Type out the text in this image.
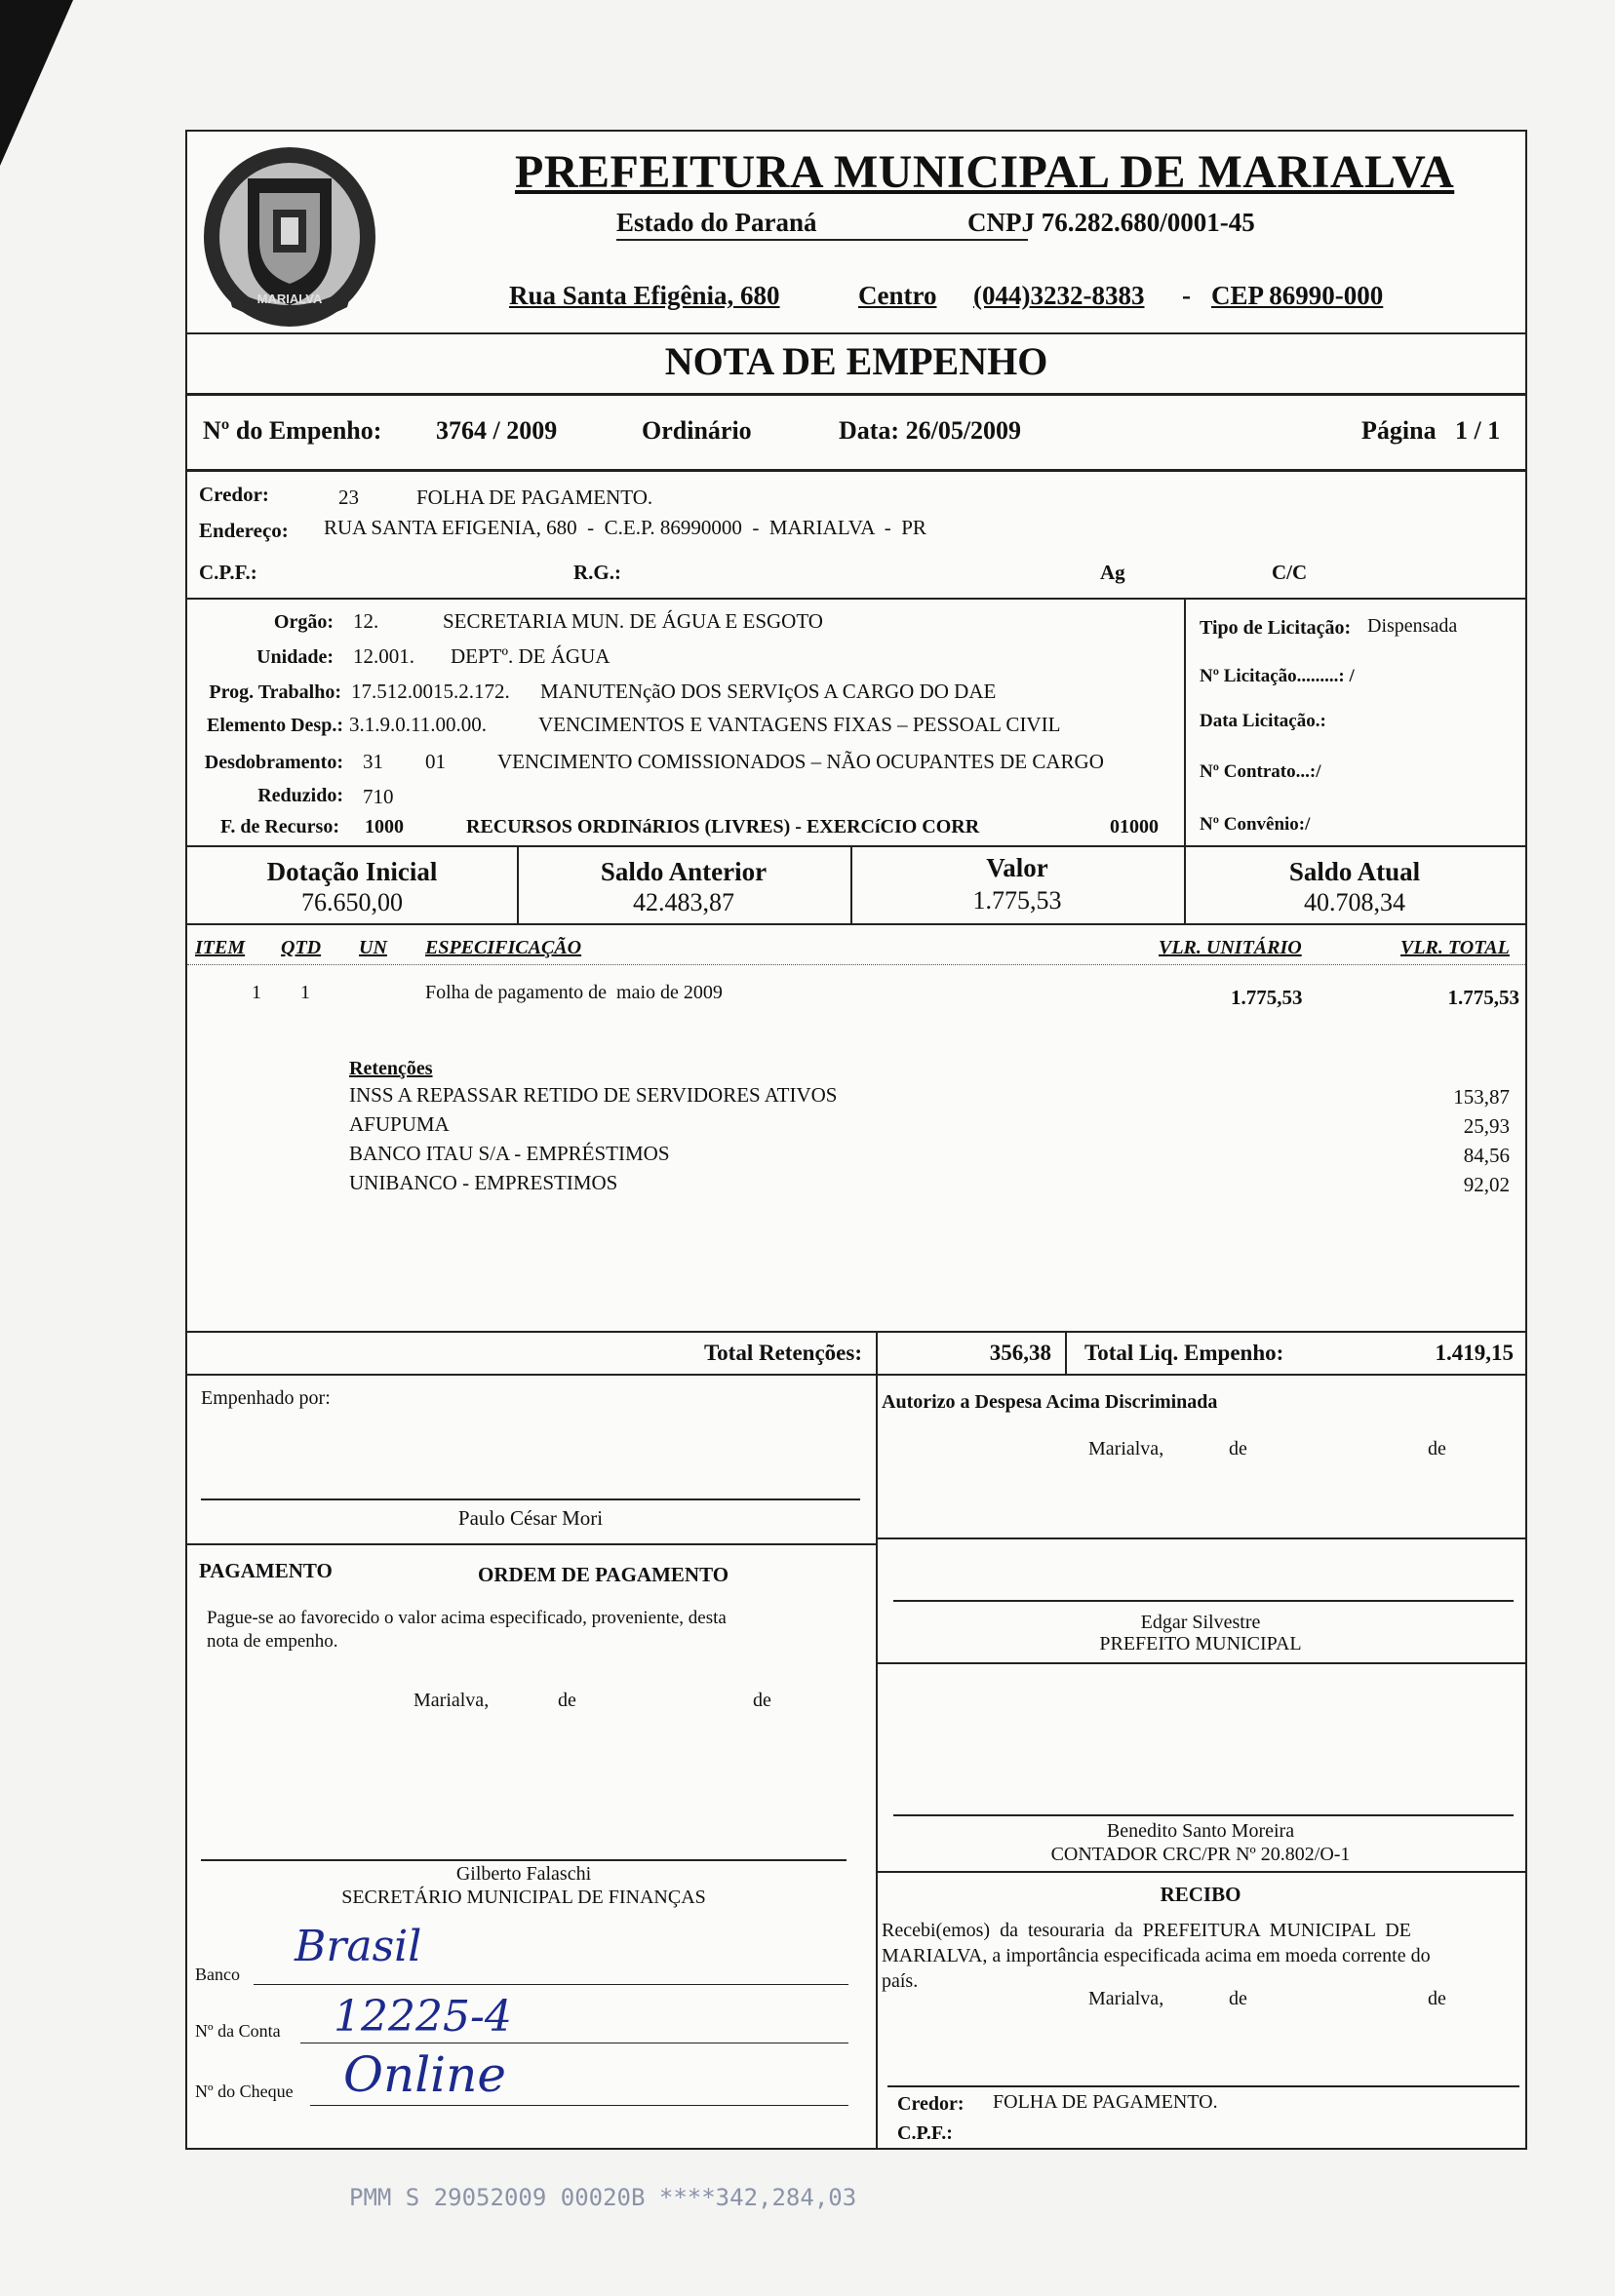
MARIALVA
PREFEITURA MUNICIPAL DE MARIALVA
Estado do Paraná	CNPJ 76.282.680/0001-45
Rua Santa Efigênia, 680	Centro (044)3232-8383 - CEP 86990-000
NOTA DE EMPENHO
Nº do Empenho: 3764 / 2009	Ordinário	Data: 26/05/2009	Página 1 / 1
Credor:	23	FOLHA DE PAGAMENTO.
Endereço: RUA SANTA EFIGENIA, 680  -  C.E.P. 86990000  -  MARIALVA  -  PR
C.P.F.:	R.G.:	Ag	C/C
Orgão: 12.	SECRETARIA MUN. DE ÁGUA E ESGOTO
Unidade: 12.001. DEPTº. DE ÁGUA
Prog. Trabalho: 17.512.0015.2.172. MANUTENçãO DOS SERVIçOS A CARGO DO DAE
Elemento Desp.: 3.1.9.0.11.00.00.	VENCIMENTOS E VANTAGENS FIXAS – PESSOAL CIVIL
Desdobramento: 31 01	VENCIMENTO COMISSIONADOS – NÃO OCUPANTES DE CARGO
Reduzido: 710
F. de Recurso: 1000	RECURSOS ORDINáRIOS (LIVRES) - EXERCíCIO CORR	01000
Tipo de Licitação: Dispensada
Nº Licitação.........: /
Data Licitação.:
Nº Contrato...:/
Nº Convênio:/
Dotação Inicial
76.650,00
Saldo Anterior
42.483,87
Valor
1.775,53
Saldo Atual
40.708,34
ITEM QTD UN ESPECIFICAÇÃO	VLR. UNITÁRIO	VLR. TOTAL
1 1	Folha de pagamento de  maio de 2009	1.775,53	1.775,53
Retenções
INSS A REPASSAR RETIDO DE SERVIDORES ATIVOS	153,87
AFUPUMA	25,93
BANCO ITAU S/A - EMPRÉSTIMOS	84,56
UNIBANCO - EMPRESTIMOS	92,02
Total Retenções:	356,38 Total Liq. Empenho:	1.419,15
Empenhado por:
Paulo César Mori
PAGAMENTO	ORDEM DE PAGAMENTO
Pague-se ao favorecido o valor acima especificado, proveniente, desta
nota de empenho.
Marialva,	de	de
Gilberto Falaschi
SECRETÁRIO MUNICIPAL DE FINANÇAS
Banco
Brasil
Nº da Conta 12225-4
Nº do Cheque Online
Autorizo a Despesa Acima Discriminada
Marialva,	de	de
Edgar Silvestre
PREFEITO MUNICIPAL
Benedito Santo Moreira
CONTADOR CRC/PR Nº 20.802/O-1
RECIBO
Recebi(emos)  da  tesouraria  da  PREFEITURA  MUNICIPAL  DE
MARIALVA, a importância especificada acima em moeda corrente do
país.
Marialva,	de	de
Credor: FOLHA DE PAGAMENTO.
C.P.F.:
PMM S 29052009 00020B ****342,284,03
